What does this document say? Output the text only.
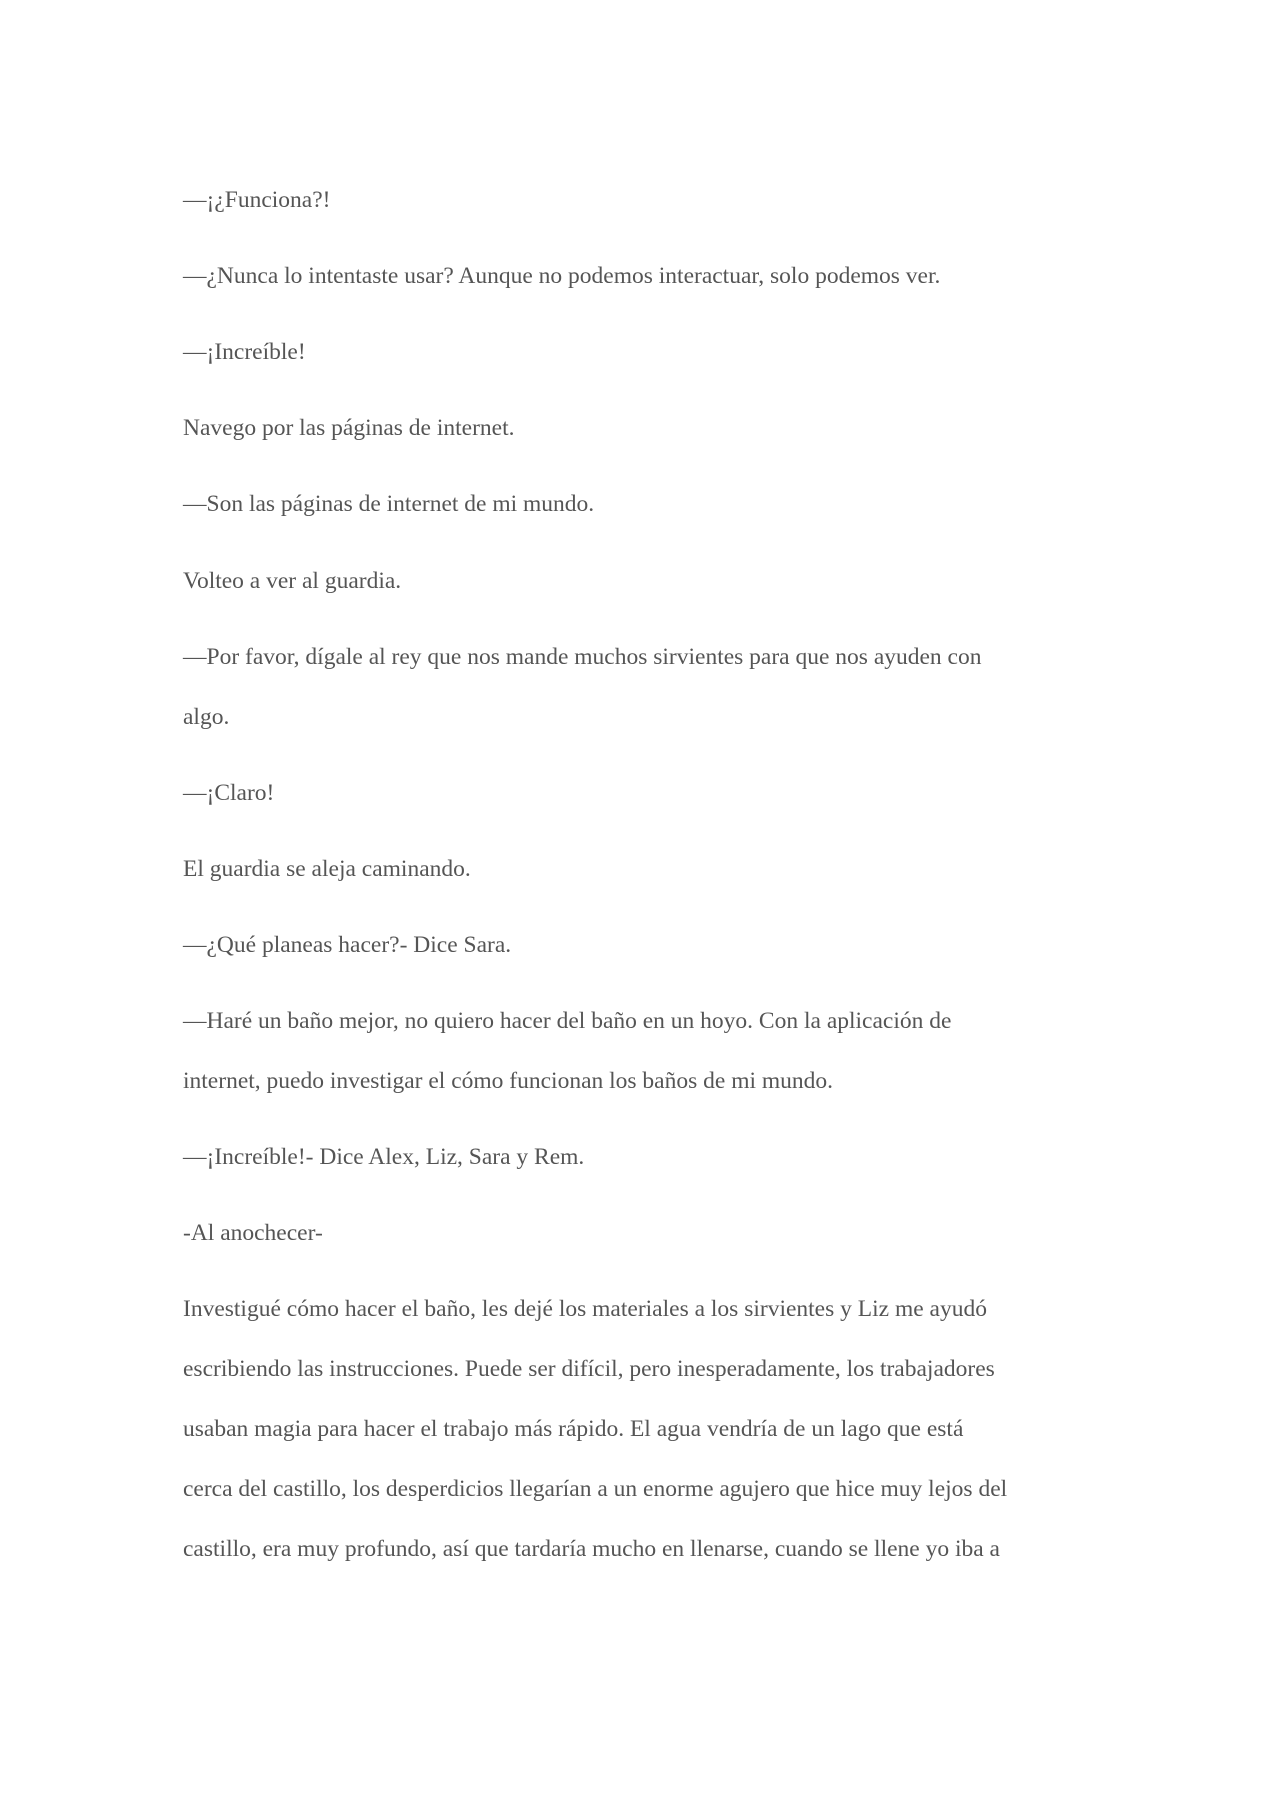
—¡¿Funciona?!
—¿Nunca lo intentaste usar? Aunque no podemos interactuar, solo podemos ver.
—¡Increíble!
Navego por las páginas de internet.
—Son las páginas de internet de mi mundo.
Volteo a ver al guardia.
—Por favor, dígale al rey que nos mande muchos sirvientes para que nos ayuden con
algo.
—¡Claro!
El guardia se aleja caminando.
—¿Qué planeas hacer?- Dice Sara.
—Haré un baño mejor, no quiero hacer del baño en un hoyo. Con la aplicación de
internet, puedo investigar el cómo funcionan los baños de mi mundo.
—¡Increíble!- Dice Alex, Liz, Sara y Rem.
-Al anochecer-
Investigué cómo hacer el baño, les dejé los materiales a los sirvientes y Liz me ayudó
escribiendo las instrucciones. Puede ser difícil, pero inesperadamente, los trabajadores
usaban magia para hacer el trabajo más rápido. El agua vendría de un lago que está
cerca del castillo, los desperdicios llegarían a un enorme agujero que hice muy lejos del
castillo, era muy profundo, así que tardaría mucho en llenarse, cuando se llene yo iba a
